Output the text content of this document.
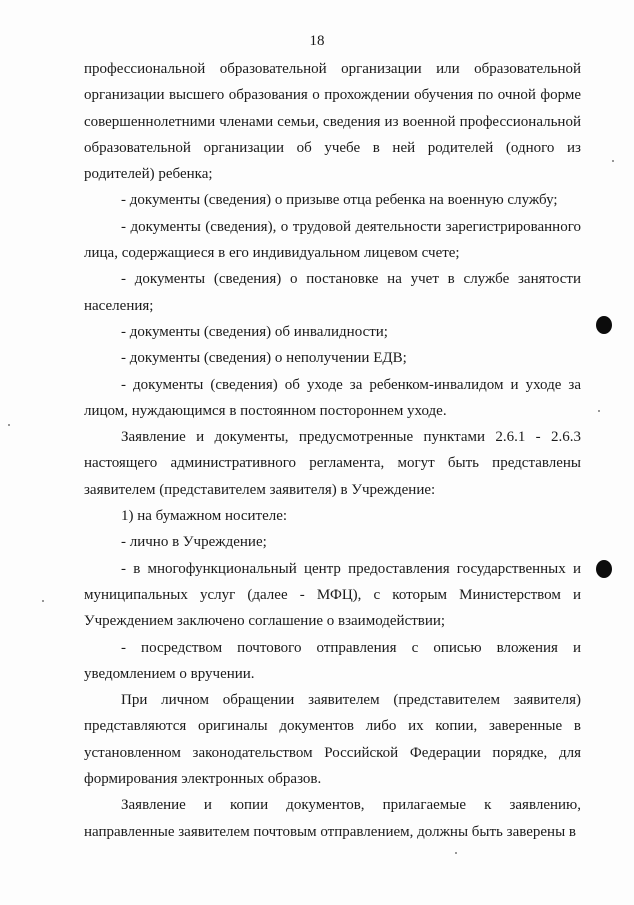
18

профессиональной образовательной организации или образовательной организации высшего образования о прохождении обучения по очной форме совершеннолетними членами семьи, сведения из военной профессиональной образовательной организации об учебе в ней родителей (одного из родителей) ребенка;

- документы (сведения) о призыве отца ребенка на военную службу;

- документы (сведения), о трудовой деятельности зарегистрированного лица, содержащиеся в его индивидуальном лицевом счете;

- документы (сведения) о постановке на учет в службе занятости населения;

- документы (сведения) об инвалидности;

- документы (сведения) о неполучении ЕДВ;

- документы (сведения) об уходе за ребенком-инвалидом и уходе за лицом, нуждающимся в постоянном постороннем уходе.

Заявление и документы, предусмотренные пунктами 2.6.1 - 2.6.3 настоящего административного регламента, могут быть представлены заявителем (представителем заявителя) в Учреждение:

1) на бумажном носителе:

- лично в Учреждение;

- в многофункциональный центр предоставления государственных и муниципальных услуг (далее - МФЦ), с которым Министерством и Учреждением заключено соглашение о взаимодействии;

- посредством почтового отправления с описью вложения и уведомлением о вручении.

При личном обращении заявителем (представителем заявителя) представляются оригиналы документов либо их копии, заверенные в установленном законодательством Российской Федерации порядке, для формирования электронных образов.

Заявление и копии документов, прилагаемые к заявлению, направленные заявителем почтовым отправлением, должны быть заверены в
